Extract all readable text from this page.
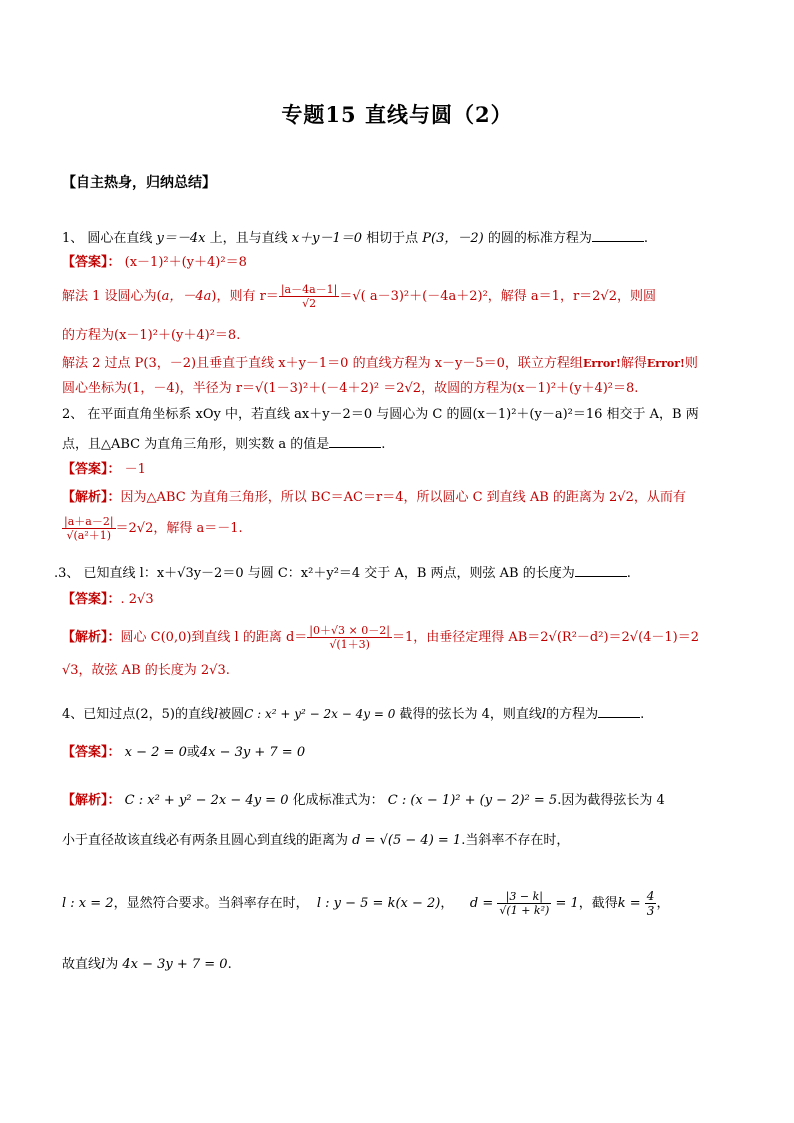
专题15 直线与圆（2）
【自主热身，归纳总结】
1、 圆心在直线 y＝－4x 上，且与直线 x＋y－1＝0 相切于点 P(3，－2) 的圆的标准方程为	.
【答案】： (x－1)²＋(y＋4)²＝8
解法 1 设圆心为(a，－4a)，则有 $r= \frac{|a-4a-1|}{√2}$ ＝√( a－3)²＋(－4a＋2)²，解得 a＝1，r＝2√2，则圆
的方程为(x－1)²＋(y＋4)²＝8.
解法 2 过点 P(3，－2)且垂直于直线 x＋y－1＝0 的直线方程为 x－y－5＝0，联立方程组Error!解得Error!则
圆心坐标为(1，－4)，半径为 r＝√(1－3)²＋(－4＋2)² ＝2√2，故圆的方程为(x－1)²＋(y＋4)²＝8.
2、 在平面直角坐标系 xOy 中，若直线 ax＋y－2＝0 与圆心为 C 的圆(x－1)²＋(y－a)²＝16 相交于 A，B 两
点，且△ABC 为直角三角形，则实数 a 的值是	.
【答案】： －1
【解析】：因为△ABC 为直角三角形，所以 BC＝AC＝r＝4，所以圆心 C 到直线 AB 的距离为 2√2，从而有
$\frac{|a+a-2|}{\text{√(a²＋1)}} =2√2$，解得 a＝－1.
.3、 已知直线 l：x＋√3y－2＝0 与圆 C：x²＋y²＝4 交于 A，B 两点，则弦 AB 的长度为	.
【答案】：. 2√3
【解析】：圆心 C(0,0)到直线 l 的距离 $d= \frac{|0+√3 \times 0-2|}{√(1+3)} =1$，由垂径定理得 AB＝2√(R²－d²)＝2√(4－1)＝2
√3，故弦 AB 的长度为 2√3.
4、已知过点(2，5)的直线l被圆C : x² + y² − 2x − 4y = 0 截得的弦长为 4，则直线l的方程为	.
【答案】： x − 2 = 0或4x − 3y + 7 = 0
【解析】： C : x² + y² − 2x − 4y = 0 化成标准式为： C : (x − 1)² + (y − 2)² = 5.因为截得弦长为 4
小于直径故该直线必有两条且圆心到直线的距离为 d = √(5 − 4) = 1.当斜率不存在时，
l : x = 2，显然符合要求。当斜率存在时， l : y − 5 = k(x − 2)， $d = \frac{|3 - k|}{\text{√(1 + k²)}} = 1$，截得$k = \frac{4}{3}$ ，
故直线l为 4x − 3y + 7 = 0.
